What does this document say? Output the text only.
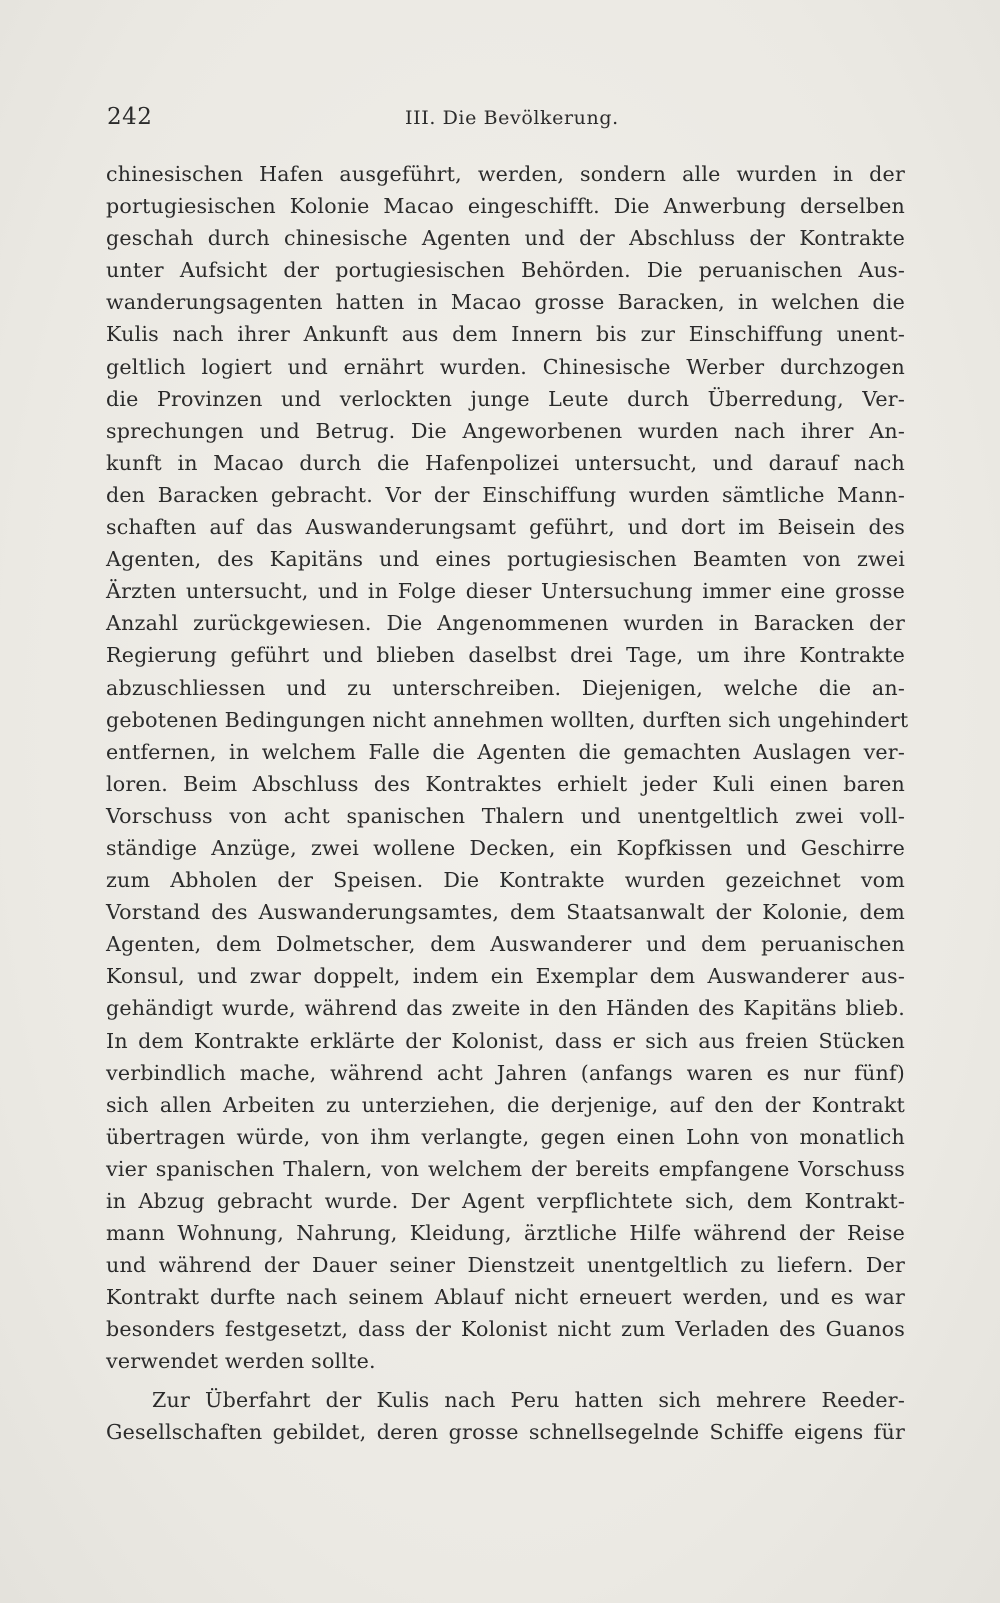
242	III. Die Bevölkerung.
chinesischen Hafen ausgeführt, werden, sondern alle wurden in der
portugiesischen Kolonie Macao eingeschifft. Die Anwerbung derselben
geschah durch chinesische Agenten und der Abschluss der Kontrakte
unter Aufsicht der portugiesischen Behörden. Die peruanischen Aus-
wanderungsagenten hatten in Macao grosse Baracken, in welchen die
Kulis nach ihrer Ankunft aus dem Innern bis zur Einschiffung unent-
geltlich logiert und ernährt wurden. Chinesische Werber durchzogen
die Provinzen und verlockten junge Leute durch Überredung, Ver-
sprechungen und Betrug. Die Angeworbenen wurden nach ihrer An-
kunft in Macao durch die Hafenpolizei untersucht, und darauf nach
den Baracken gebracht. Vor der Einschiffung wurden sämtliche Mann-
schaften auf das Auswanderungsamt geführt, und dort im Beisein des
Agenten, des Kapitäns und eines portugiesischen Beamten von zwei
Ärzten untersucht, und in Folge dieser Untersuchung immer eine grosse
Anzahl zurückgewiesen. Die Angenommenen wurden in Baracken der
Regierung geführt und blieben daselbst drei Tage, um ihre Kontrakte
abzuschliessen und zu unterschreiben. Diejenigen, welche die an-
gebotenen Bedingungen nicht annehmen wollten, durften sich ungehindert
entfernen, in welchem Falle die Agenten die gemachten Auslagen ver-
loren. Beim Abschluss des Kontraktes erhielt jeder Kuli einen baren
Vorschuss von acht spanischen Thalern und unentgeltlich zwei voll-
ständige Anzüge, zwei wollene Decken, ein Kopfkissen und Geschirre
zum Abholen der Speisen. Die Kontrakte wurden gezeichnet vom
Vorstand des Auswanderungsamtes, dem Staatsanwalt der Kolonie, dem
Agenten, dem Dolmetscher, dem Auswanderer und dem peruanischen
Konsul, und zwar doppelt, indem ein Exemplar dem Auswanderer aus-
gehändigt wurde, während das zweite in den Händen des Kapitäns blieb.
In dem Kontrakte erklärte der Kolonist, dass er sich aus freien Stücken
verbindlich mache, während acht Jahren (anfangs waren es nur fünf)
sich allen Arbeiten zu unterziehen, die derjenige, auf den der Kontrakt
übertragen würde, von ihm verlangte, gegen einen Lohn von monatlich
vier spanischen Thalern, von welchem der bereits empfangene Vorschuss
in Abzug gebracht wurde. Der Agent verpflichtete sich, dem Kontrakt-
mann Wohnung, Nahrung, Kleidung, ärztliche Hilfe während der Reise
und während der Dauer seiner Dienstzeit unentgeltlich zu liefern. Der
Kontrakt durfte nach seinem Ablauf nicht erneuert werden, und es war
besonders festgesetzt, dass der Kolonist nicht zum Verladen des Guanos
verwendet werden sollte.
Zur Überfahrt der Kulis nach Peru hatten sich mehrere Reeder-
Gesellschaften gebildet, deren grosse schnellsegelnde Schiffe eigens für
